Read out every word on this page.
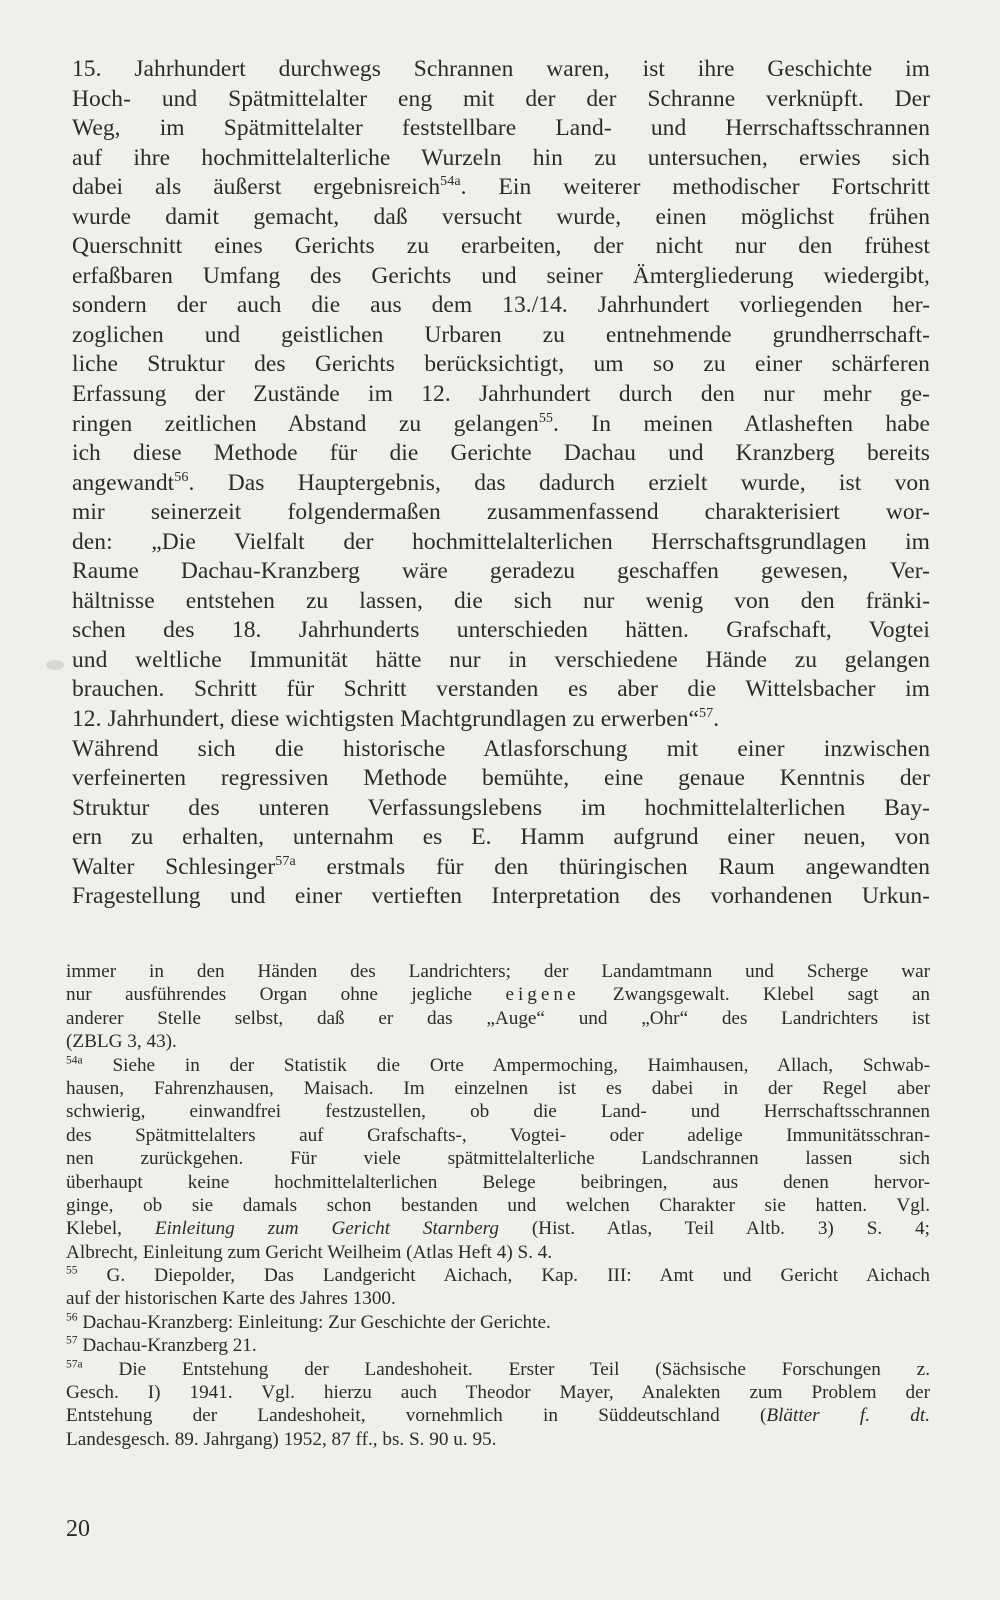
15. Jahrhundert durchwegs Schrannen waren, ist ihre Geschichte im
Hoch- und Spätmittelalter eng mit der der Schranne verknüpft. Der
Weg, im Spätmittelalter feststellbare Land- und Herrschaftsschrannen
auf ihre hochmittelalterliche Wurzeln hin zu untersuchen, erwies sich
dabei als äußerst ergebnisreich$^{54a}$. Ein weiterer methodischer Fortschritt
wurde damit gemacht, daß versucht wurde, einen möglichst frühen
Querschnitt eines Gerichts zu erarbeiten, der nicht nur den frühest
erfaßbaren Umfang des Gerichts und seiner Ämtergliederung wiedergibt,
sondern der auch die aus dem 13./14. Jahrhundert vorliegenden her-
zoglichen und geistlichen Urbaren zu entnehmende grundherrschaft-
liche Struktur des Gerichts berücksichtigt, um so zu einer schärferen
Erfassung der Zustände im 12. Jahrhundert durch den nur mehr ge-
ringen zeitlichen Abstand zu gelangen$^{55}$. In meinen Atlasheften habe
ich diese Methode für die Gerichte Dachau und Kranzberg bereits
angewandt$^{56}$. Das Hauptergebnis, das dadurch erzielt wurde, ist von
mir seinerzeit folgendermaßen zusammenfassend charakterisiert wor-
den: „Die Vielfalt der hochmittelalterlichen Herrschaftsgrundlagen im
Raume Dachau-Kranzberg wäre geradezu geschaffen gewesen, Ver-
hältnisse entstehen zu lassen, die sich nur wenig von den fränki-
schen des 18. Jahrhunderts unterschieden hätten. Grafschaft, Vogtei
und weltliche Immunität hätte nur in verschiedene Hände zu gelangen
brauchen. Schritt für Schritt verstanden es aber die Wittelsbacher im
12. Jahrhundert, diese wichtigsten Machtgrundlagen zu erwerben“$^{57}$.
Während sich die historische Atlasforschung mit einer inzwischen
verfeinerten regressiven Methode bemühte, eine genaue Kenntnis der
Struktur des unteren Verfassungslebens im hochmittelalterlichen Bay-
ern zu erhalten, unternahm es E. Hamm aufgrund einer neuen, von
Walter Schlesinger$^{57a}$ erstmals für den thüringischen Raum angewandten
Fragestellung und einer vertieften Interpretation des vorhandenen Urkun-
immer in den Händen des Landrichters; der Landamtmann und Scherge war
nur ausführendes Organ ohne jegliche eigene Zwangsgewalt. Klebel sagt an
anderer Stelle selbst, daß er das „Auge“ und „Ohr“ des Landrichters ist
(ZBLG 3, 43).
$^{54a}$ Siehe in der Statistik die Orte Ampermoching, Haimhausen, Allach, Schwab-
hausen, Fahrenzhausen, Maisach. Im einzelnen ist es dabei in der Regel aber
schwierig, einwandfrei festzustellen, ob die Land- und Herrschaftsschrannen
des Spätmittelalters auf Grafschafts-, Vogtei- oder adelige Immunitätsschran-
nen zurückgehen. Für viele spätmittelalterliche Landschrannen lassen sich
überhaupt keine hochmittelalterlichen Belege beibringen, aus denen hervor-
ginge, ob sie damals schon bestanden und welchen Charakter sie hatten. Vgl.
Klebel, Einleitung zum Gericht Starnberg (Hist. Atlas, Teil Altb. 3) S. 4;
Albrecht, Einleitung zum Gericht Weilheim (Atlas Heft 4) S. 4.
$^{55}$ G. Diepolder, Das Landgericht Aichach, Kap. III: Amt und Gericht Aichach
auf der historischen Karte des Jahres 1300.
$^{56}$ Dachau-Kranzberg: Einleitung: Zur Geschichte der Gerichte.
$^{57}$ Dachau-Kranzberg 21.
$^{57a}$ Die Entstehung der Landeshoheit. Erster Teil (Sächsische Forschungen z.
Gesch. I) 1941. Vgl. hierzu auch Theodor Mayer, Analekten zum Problem der
Entstehung der Landeshoheit, vornehmlich in Süddeutschland (Blätter f. dt.
Landesgesch. 89. Jahrgang) 1952, 87 ff., bs. S. 90 u. 95.
20
